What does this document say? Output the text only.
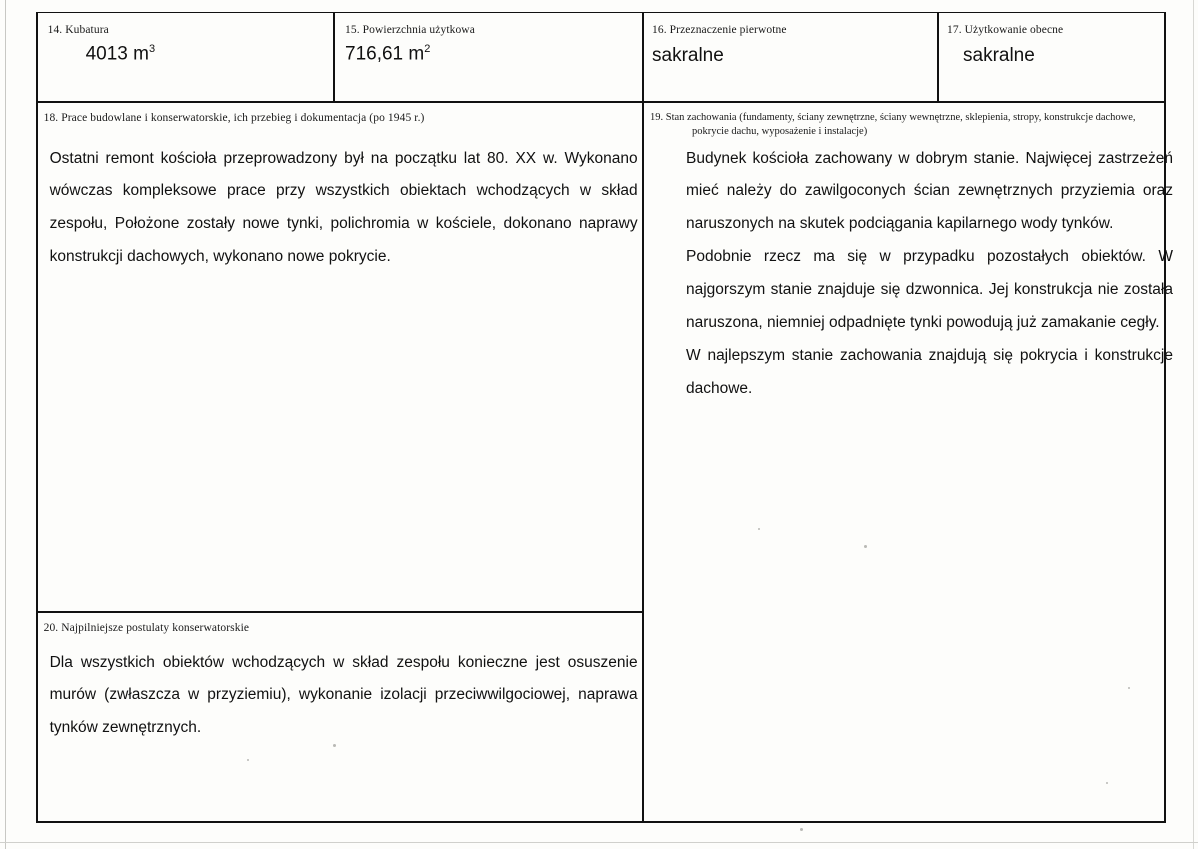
14. Kubatura
4013 $m^3$
15. Powierzchnia użytkowa
716,61 $m^2$
16. Przeznaczenie pierwotne
sakralne
17. Użytkowanie obecne
sakralne
18. Prace budowlane i konserwatorskie, ich przebieg i dokumentacja (po 1945 r.)

Ostatni remont kościoła przeprowadzony był na początku lat 80. XX w. Wykonano wówczas kompleksowe prace przy wszystkich obiektach wchodzących w skład zespołu, Położone zostały nowe tynki, polichromia w kościele, dokonano naprawy konstrukcji dachowych, wykonano nowe pokrycie.

19. Stan zachowania (fundamenty, ściany zewnętrzne, ściany wewnętrzne, sklepienia, stropy, konstrukcje dachowe,
pokrycie dachu, wyposażenie i instalacje)

Budynek kościoła zachowany w dobrym stanie. Najwięcej zastrzeżeń mieć należy do zawilgoconych ścian zewnętrznych przyziemia oraz naruszonych na skutek podciągania kapilarnego wody tynków.

Podobnie rzecz ma się w przypadku pozostałych obiektów. W najgorszym stanie znajduje się dzwonnica. Jej konstrukcja nie została naruszona, niemniej odpadnięte tynki powodują już zamakanie cegły.

W najlepszym stanie zachowania znajdują się pokrycia i konstrukcje dachowe.

20. Najpilniejsze postulaty konserwatorskie

Dla wszystkich obiektów wchodzących w skład zespołu konieczne jest osuszenie murów (zwłaszcza w przyziemiu), wykonanie izolacji przeciwwilgociowej, naprawa tynków zewnętrznych.
